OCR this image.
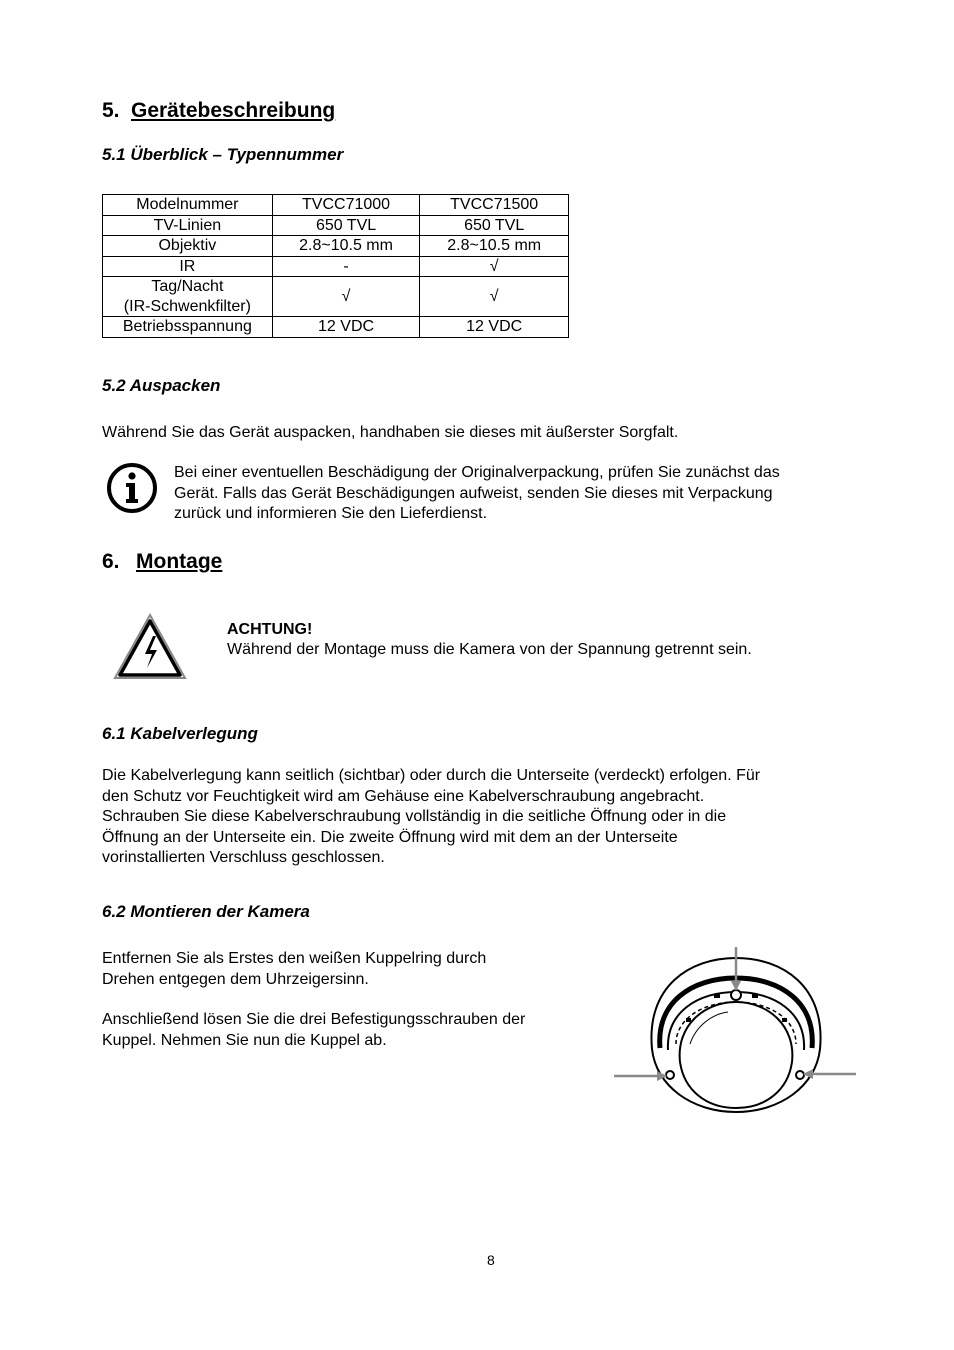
5. Gerätebeschreibung
5.1 Überblick – Typennummer
Modelnummer	TVCC71000	TVCC71500
TV-Linien	650 TVL	650 TVL
Objektiv	2.8~10.5 mm	2.8~10.5 mm
IR	-	√

Tag/Nacht
(IR-Schwenkfilter)	√	√
Betriebsspannung	12 VDC	12 VDC
5.2 Auspacken
Während Sie das Gerät auspacken, handhaben sie dieses mit äußerster Sorgfalt.
Bei einer eventuellen Beschädigung der Originalverpackung, prüfen Sie zunächst das
Gerät. Falls das Gerät Beschädigungen aufweist, senden Sie dieses mit Verpackung
zurück und informieren Sie den Lieferdienst.
6. Montage
ACHTUNG!
Während der Montage muss die Kamera von der Spannung getrennt sein.
6.1 Kabelverlegung
Die Kabelverlegung kann seitlich (sichtbar) oder durch die Unterseite (verdeckt) erfolgen. Für
den Schutz vor Feuchtigkeit wird am Gehäuse eine Kabelverschraubung angebracht.
Schrauben Sie diese Kabelverschraubung vollständig in die seitliche Öffnung oder in die
Öffnung an der Unterseite ein. Die zweite Öffnung wird mit dem an der Unterseite
vorinstallierten Verschluss geschlossen.
6.2 Montieren der Kamera
Entfernen Sie als Erstes den weißen Kuppelring durch
Drehen entgegen dem Uhrzeigersinn.
Anschließend lösen Sie die drei Befestigungsschrauben der
Kuppel. Nehmen Sie nun die Kuppel ab.
8
